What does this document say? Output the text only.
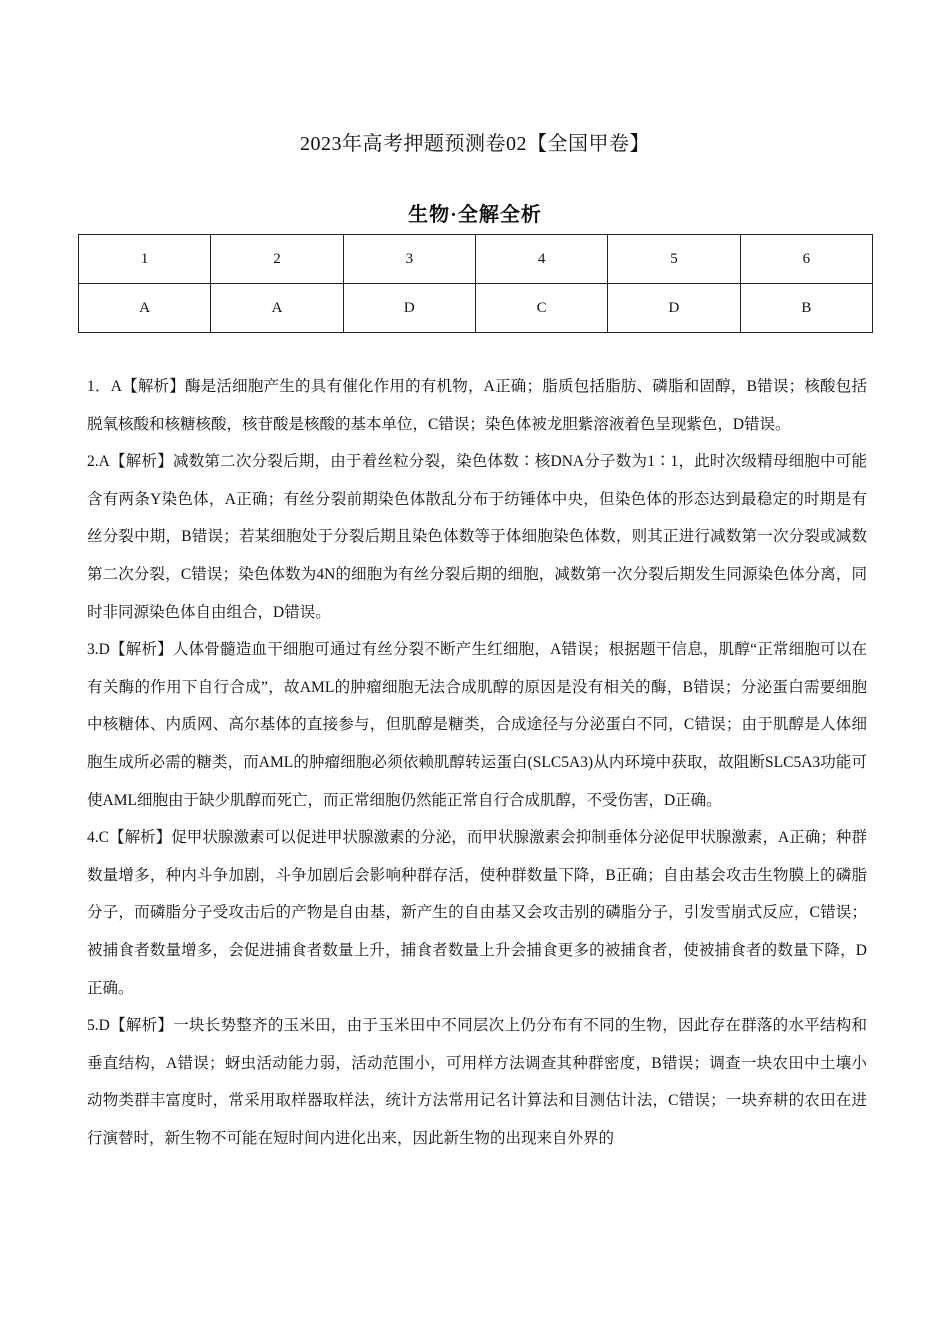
2023年高考押题预测卷02【全国甲卷】
生物·全解全析
1	2	3	4	5	6
A	A	D	C	D	B

1．A【解析】酶是活细胞产生的具有催化作用的有机物，A正确；脂质包括脂肪、磷脂和固醇，B错误；核酸包括脱氧核酸和核糖核酸，核苷酸是核酸的基本单位，C错误；染色体被龙胆紫溶液着色呈现紫色，D错误。

2.A【解析】减数第二次分裂后期，由于着丝粒分裂，染色体数∶核DNA分子数为1∶1，此时次级精母细胞中可能含有两条Y染色体，A正确；有丝分裂前期染色体散乱分布于纺锤体中央，但染色体的形态达到最稳定的时期是有丝分裂中期，B错误；若某细胞处于分裂后期且染色体数等于体细胞染色体数，则其正进行减数第一次分裂或减数第二次分裂，C错误；染色体数为4N的细胞为有丝分裂后期的细胞，减数第一次分裂后期发生同源染色体分离，同时非同源染色体自由组合，D错误。

3.D【解析】人体骨髓造血干细胞可通过有丝分裂不断产生红细胞，A错误；根据题干信息，肌醇“正常细胞可以在有关酶的作用下自行合成”，故AML的肿瘤细胞无法合成肌醇的原因是没有相关的酶，B错误；分泌蛋白需要细胞中核糖体、内质网、高尔基体的直接参与，但肌醇是糖类，合成途径与分泌蛋白不同，C错误；由于肌醇是人体细胞生成所必需的糖类，而AML的肿瘤细胞必须依赖肌醇转运蛋白(SLC5A3)从内环境中获取，故阻断SLC5A3功能可使AML细胞由于缺少肌醇而死亡，而正常细胞仍然能正常自行合成肌醇，不受伤害，D正确。

4.C【解析】促甲状腺激素可以促进甲状腺激素的分泌，而甲状腺激素会抑制垂体分泌促甲状腺激素，A正确；种群数量增多，种内斗争加剧，斗争加剧后会影响种群存活，使种群数量下降，B正确；自由基会攻击生物膜上的磷脂分子，而磷脂分子受攻击后的产物是自由基，新产生的自由基又会攻击别的磷脂分子，引发雪崩式反应，C错误；被捕食者数量增多，会促进捕食者数量上升，捕食者数量上升会捕食更多的被捕食者，使被捕食者的数量下降，D正确。

5.D【解析】一块长势整齐的玉米田，由于玉米田中不同层次上仍分布有不同的生物，因此存在群落的水平结构和垂直结构，A错误；蚜虫活动能力弱，活动范围小，可用样方法调查其种群密度，B错误；调查一块农田中土壤小动物类群丰富度时，常采用取样器取样法，统计方法常用记名计算法和目测估计法，C错误；一块弃耕的农田在进行演替时，新生物不可能在短时间内进化出来，因此新生物的出现来自外界的
